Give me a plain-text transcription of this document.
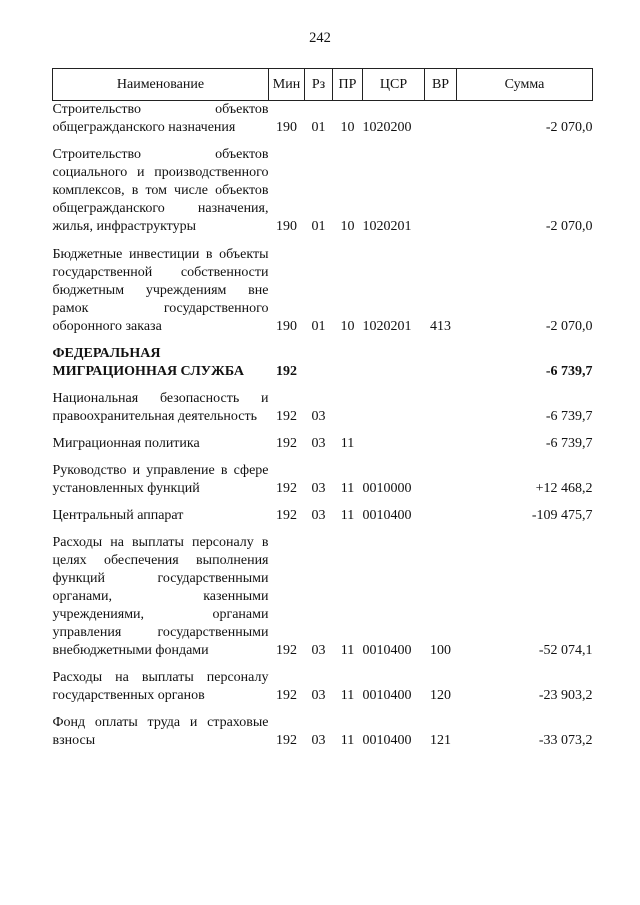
242
Наименование	Мин	Рз	ПР	ЦСР	ВР	Сумма
Строительство объектов общегражданского назначения	190	01	10	1020200		-2 070,0

Строительство объектов социального и производственного комплексов, в том числе объектов общегражданского назначения, жилья, инфраструктуры	190	01	10	1020201		-2 070,0

Бюджетные инвестиции в объекты государственной собственности бюджетным учреждениям вне рамок государственного оборонного заказа	190	01	10	1020201	413	-2 070,0

ФЕДЕРАЛЬНАЯ МИГРАЦИОННАЯ СЛУЖБА	192					-6 739,7

Национальная безопасность и правоохранительная деятельность	192	03				-6 739,7

Миграционная политика	192	03	11			-6 739,7

Руководство и управление в сфере установленных функций	192	03	11	0010000		+12 468,2

Центральный аппарат	192	03	11	0010400		-109 475,7

Расходы на выплаты персоналу в целях обеспечения выполнения функций государственными органами, казенными учреждениями, органами управления государственными внебюджетными фондами	192	03	11	0010400	100	-52 074,1

Расходы на выплаты персоналу государственных органов	192	03	11	0010400	120	-23 903,2

Фонд оплаты труда и страховые взносы	192	03	11	0010400	121	-33 073,2
